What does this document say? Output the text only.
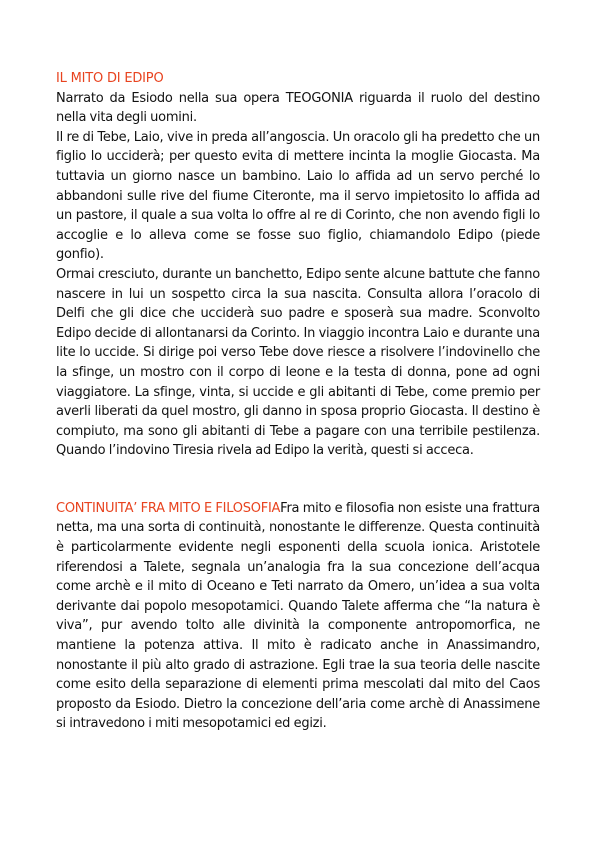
IL MITO DI EDIPO

Narrato da Esiodo nella sua opera TEOGONIA riguarda il ruolo del destino nella vita degli uomini.

Il re di Tebe, Laio, vive in preda all’angoscia. Un oracolo gli ha predetto che un figlio lo ucciderà; per questo evita di mettere incinta la moglie Giocasta. Ma tuttavia un giorno nasce un bambino. Laio lo affida ad un servo perché lo abbandoni sulle rive del fiume Citeronte, ma il servo impietosito lo affida ad un pastore, il quale a sua volta lo offre al re di Corinto, che non avendo figli lo accoglie e lo alleva come se fosse suo figlio, chiamandolo Edipo (piede gonfio).

Ormai cresciuto, durante un banchetto, Edipo sente alcune battute che fanno nascere in lui un sospetto circa la sua nascita. Consulta allora l’oracolo di Delfi che gli dice che ucciderà suo padre e sposerà sua madre. Sconvolto Edipo decide di allontanarsi da Corinto. In viaggio incontra Laio e durante una lite lo uccide. Si dirige poi verso Tebe dove riesce a risolvere l’indovinello che la sfinge, un mostro con il corpo di leone e la testa di donna, pone ad ogni viaggiatore. La sfinge, vinta, si uccide e gli abitanti di Tebe, come premio per averli liberati da quel mostro, gli danno in sposa proprio Giocasta. Il destino è compiuto, ma sono gli abitanti di Tebe a pagare con una terribile pestilenza. Quando l’indovino Tiresia rivela ad Edipo la verità, questi si acceca.

CONTINUITA’ FRA MITO E FILOSOFIAFra mito e filosofia non esiste una frattura netta, ma una sorta di continuità, nonostante le differenze. Questa continuità è particolarmente evidente negli esponenti della scuola ionica. Aristotele riferendosi a Talete, segnala un’analogia fra la sua concezione dell’acqua come archè e il mito di Oceano e Teti narrato da Omero, un’idea a sua volta derivante dai popolo mesopotamici. Quando Talete afferma che “la natura è viva”, pur avendo tolto alle divinità la componente antropomorfica, ne mantiene la potenza attiva. Il mito è radicato anche in Anassimandro, nonostante il più alto grado di astrazione. Egli trae la sua teoria delle nascite come esito della separazione di elementi prima mescolati dal mito del Caos proposto da Esiodo. Dietro la concezione dell’aria come archè di Anassimene si intravedono i miti mesopotamici ed egizi.
